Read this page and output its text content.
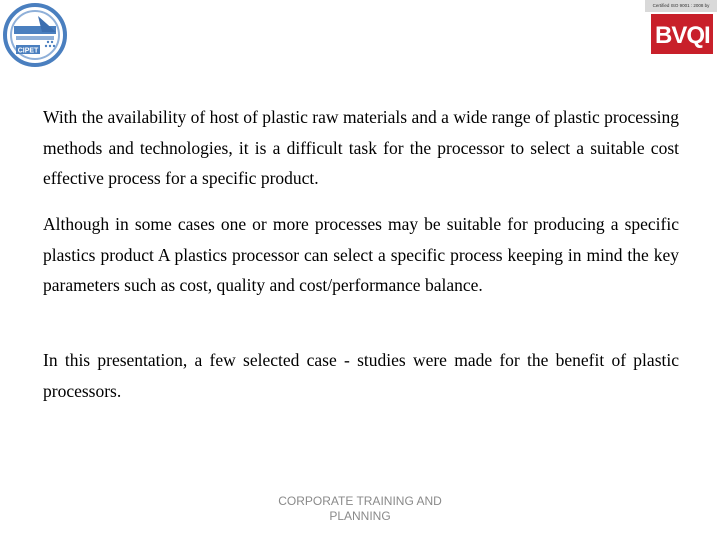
CIPET
Certified ISO 9001 : 2008 by
BVQI

With the availability of host of plastic raw materials and a wide range of plastic processing methods and technologies, it is a difficult task for the processor to select a suitable cost effective process for a specific product.

Although in some cases one or more processes may be suitable for producing a specific plastics product A plastics processor can select a specific process keeping in mind the key parameters such as cost, quality and cost/performance balance.

In this presentation, a few selected case - studies were made for the benefit of plastic processors.

CORPORATE TRAINING AND
PLANNING
